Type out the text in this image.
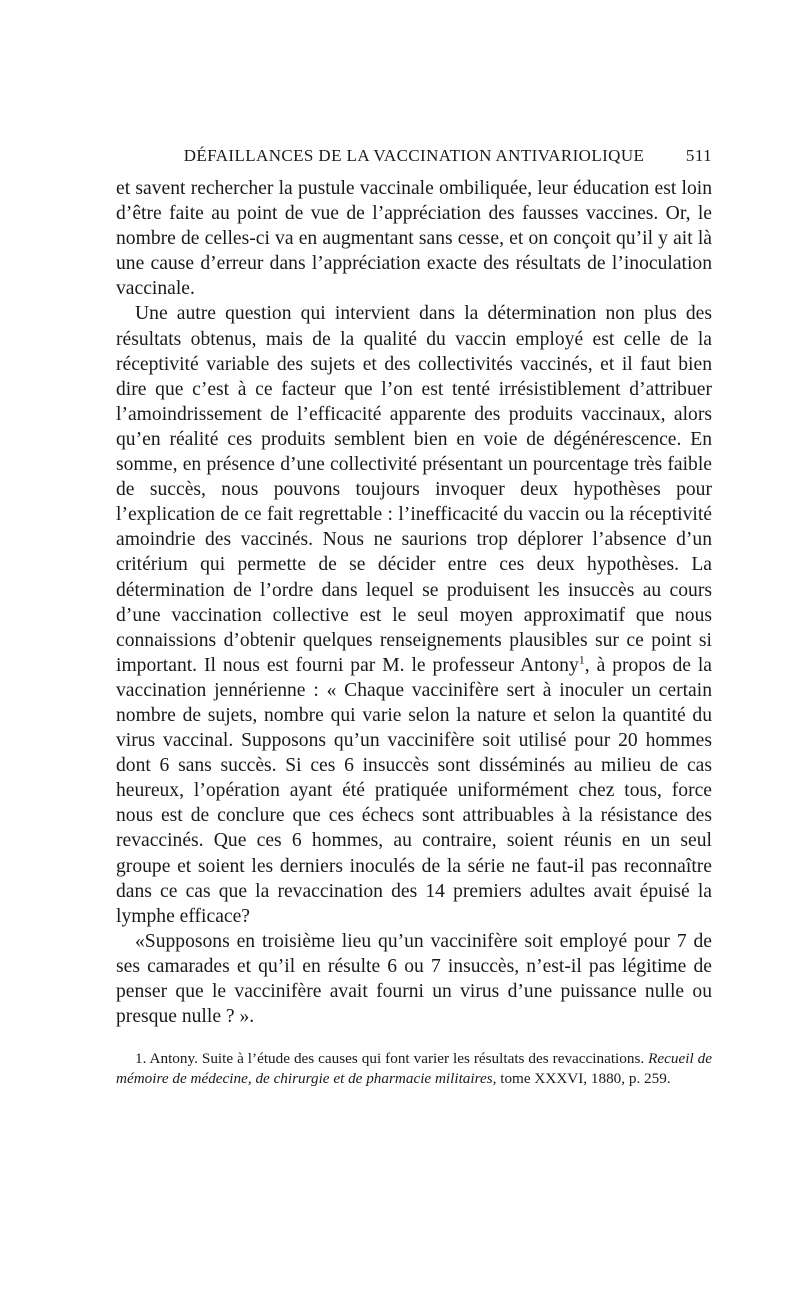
DÉFAILLANCES DE LA VACCINATION ANTIVARIOLIQUE	511

et savent rechercher la pustule vaccinale ombiliquée, leur éducation est loin d’être faite au point de vue de l’appréciation des fausses vaccines. Or, le nombre de celles-ci va en augmentant sans cesse, et on conçoit qu’il y ait là une cause d’erreur dans l’appréciation exacte des résultats de l’inoculation vaccinale.

Une autre question qui intervient dans la détermination non plus des résultats obtenus, mais de la qualité du vaccin employé est celle de la réceptivité variable des sujets et des collectivités vaccinés, et il faut bien dire que c’est à ce facteur que l’on est tenté irrésistiblement d’attribuer l’amoindrissement de l’efficacité apparente des produits vaccinaux, alors qu’en réalité ces produits semblent bien en voie de dégénérescence. En somme, en présence d’une collectivité présentant un pourcentage très faible de succès, nous pouvons toujours invoquer deux hypothèses pour l’explication de ce fait regrettable : l’inefficacité du vaccin ou la réceptivité amoindrie des vaccinés. Nous ne saurions trop déplorer l’absence d’un critérium qui permette de se décider entre ces deux hypothèses. La détermination de l’ordre dans lequel se produisent les insuccès au cours d’une vaccination collective est le seul moyen approximatif que nous connaissions d’obtenir quelques renseignements plausibles sur ce point si important. Il nous est fourni par M. le professeur Antony$^1$, à propos de la vaccination jennérienne : « Chaque vaccinifère sert à inoculer un certain nombre de sujets, nombre qui varie selon la nature et selon la quantité du virus vaccinal. Supposons qu’un vaccinifère soit utilisé pour 20 hommes dont 6 sans succès. Si ces 6 insuccès sont disséminés au milieu de cas heureux, l’opération ayant été pratiquée uniformément chez tous, force nous est de conclure que ces échecs sont attribuables à la résistance des revaccinés. Que ces 6 hommes, au contraire, soient réunis en un seul groupe et soient les derniers inoculés de la série ne faut-il pas reconnaître dans ce cas que la revaccination des 14 premiers adultes avait épuisé la lymphe efficace?

«Supposons en troisième lieu qu’un vaccinifère soit employé pour 7 de ses camarades et qu’il en résulte 6 ou 7 insuccès, n’est-il pas légitime de penser que le vaccinifère avait fourni un virus d’une puissance nulle ou presque nulle ? ».

1. Antony. Suite à l’étude des causes qui font varier les résultats des revaccinations. Recueil de mémoire de médecine, de chirurgie et de pharmacie militaires, tome XXXVI, 1880, p. 259.
